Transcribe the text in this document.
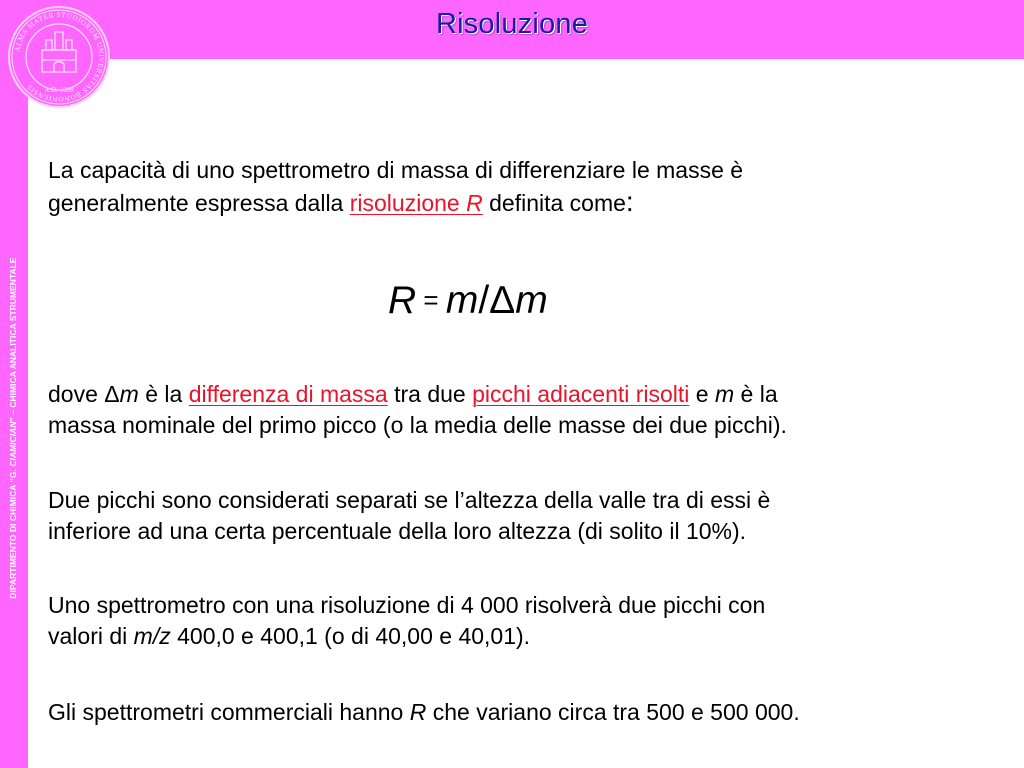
ALMA MATER STUDIORUM UNIVERSITAS BONONIENSIS	A.D. 1088
Risoluzione
DIPARTIMENTO DI CHIMICA “G. CIAMICIAN” – CHIMICA ANALITICA STRUMENTALE

La capacità di uno spettrometro di massa di differenziare le masse è
generalmente espressa dalla risoluzione R definita come:

R = m/Δm
dove Δm è la differenza di massa tra due picchi adiacenti risolti e m è la
massa nominale del primo picco (o la media delle masse dei due picchi).
Due picchi sono considerati separati se l’altezza della valle tra di essi è
inferiore ad una certa percentuale della loro altezza (di solito il 10%).
Uno spettrometro con una risoluzione di 4 000 risolverà due picchi con
valori di m/z 400,0 e 400,1 (o di 40,00 e 40,01).
Gli spettrometri commerciali hanno R che variano circa tra 500 e 500 000.
